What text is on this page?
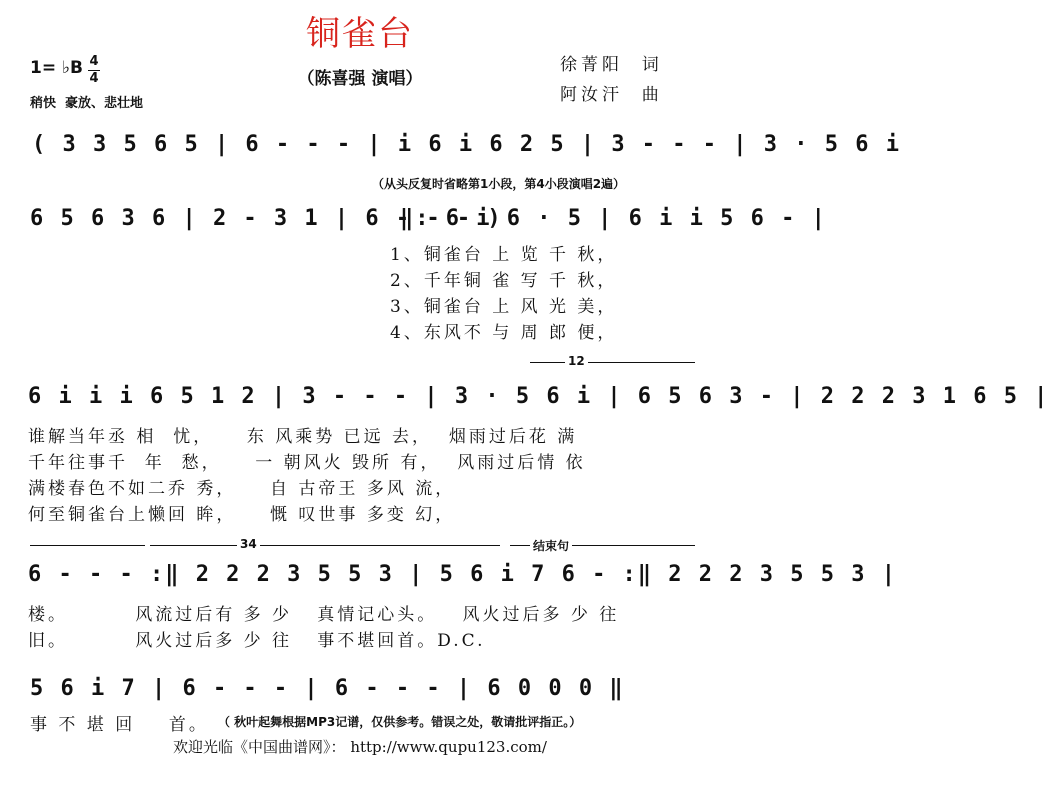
铜雀台
（陈喜强 演唱）
徐菁阳  词
阿汝汗  曲
1= ♭B 4
4
稍快  豪放、悲壮地
( 3 3 5 6 5 | 6 - - - | i 6 i 6 2 5 | 3 - - - | 3 · 5 6 i
（从头反复时省略第1小段，第4小段演唱2遍）
6 5 6 3 6 | 2 - 3 1 | 6 - - - )
‖: 6 i 6 · 5 | 6 i i 5 6 - |
1、铜雀台 上 览 千 秋，
2、千年铜 雀 写 千 秋，
3、铜雀台 上 风 光 美，
4、东风不 与 周 郎 便，
12
6 i i i 6 5 1 2 | 3 - - - | 3 · 5 6 i | 6 5 6 3 - | 2 2 2 3 1 6 5 |
谁解当年丞 相  忧，    东 风乘势 已远 去，  烟雨过后花 满
千年往事千  年  愁，    一 朝风火 毁所 有，  风雨过后情 依
满楼春色不如二乔 秀，    自 古帝王 多风 流，
何至铜雀台上懒回 眸，    慨 叹世事 多变 幻，
34	结束句
6 - - - :‖ 2 2 2 3 5 5 3 | 5 6 i 7 6 - :‖ 2 2 2 3 5 5 3 |
楼。        风流过后有 多 少   真情记心头。   风火过后多 少 往
旧。        风火过后多 少 往   事不堪回首。D.C.
5 6 i 7 | 6 - - - | 6 - - - | 6 0 0 0 ‖
事 不 堪 回    首。 （ 秋叶起舞根据MP3记谱，仅供参考。错误之处，敬请批评指正。）
欢迎光临《中国曲谱网》： http://www.qupu123.com/
